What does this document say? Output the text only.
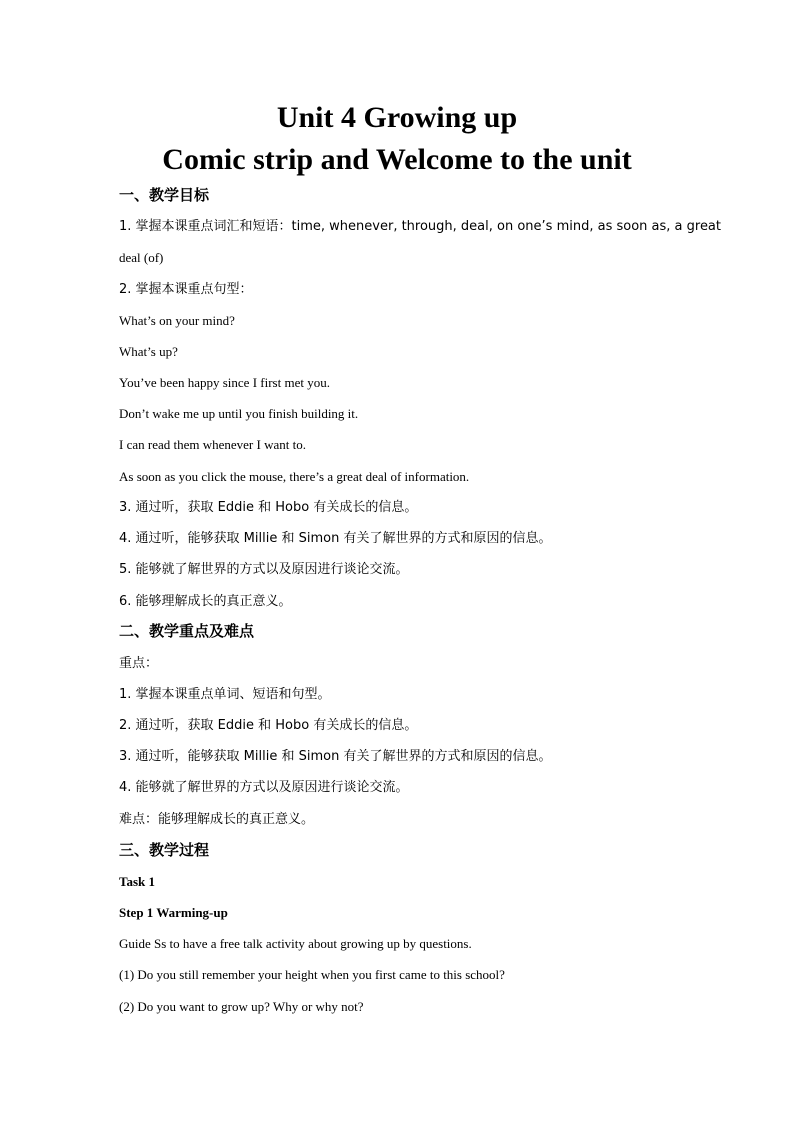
Unit 4 Growing up
Comic strip and Welcome to the unit
一、教学目标

1. 掌握本课重点词汇和短语：time, whenever, through, deal, on one’s mind, as soon as, a great

deal (of)

2. 掌握本课重点句型：

What’s on your mind?

What’s up?

You’ve been happy since I first met you.

Don’t wake me up until you finish building it.

I can read them whenever I want to.

As soon as you click the mouse, there’s a great deal of information.

3. 通过听，获取 Eddie 和 Hobo 有关成长的信息。

4. 通过听，能够获取 Millie 和 Simon 有关了解世界的方式和原因的信息。

5. 能够就了解世界的方式以及原因进行谈论交流。

6. 能够理解成长的真正意义。

二、教学重点及难点

重点：

1. 掌握本课重点单词、短语和句型。

2. 通过听，获取 Eddie 和 Hobo 有关成长的信息。

3. 通过听，能够获取 Millie 和 Simon 有关了解世界的方式和原因的信息。

4. 能够就了解世界的方式以及原因进行谈论交流。

难点：能够理解成长的真正意义。

三、教学过程

Task 1

Step 1 Warming-up

Guide Ss to have a free talk activity about growing up by questions.

(1) Do you still remember your height when you first came to this school?

(2) Do you want to grow up? Why or why not?
